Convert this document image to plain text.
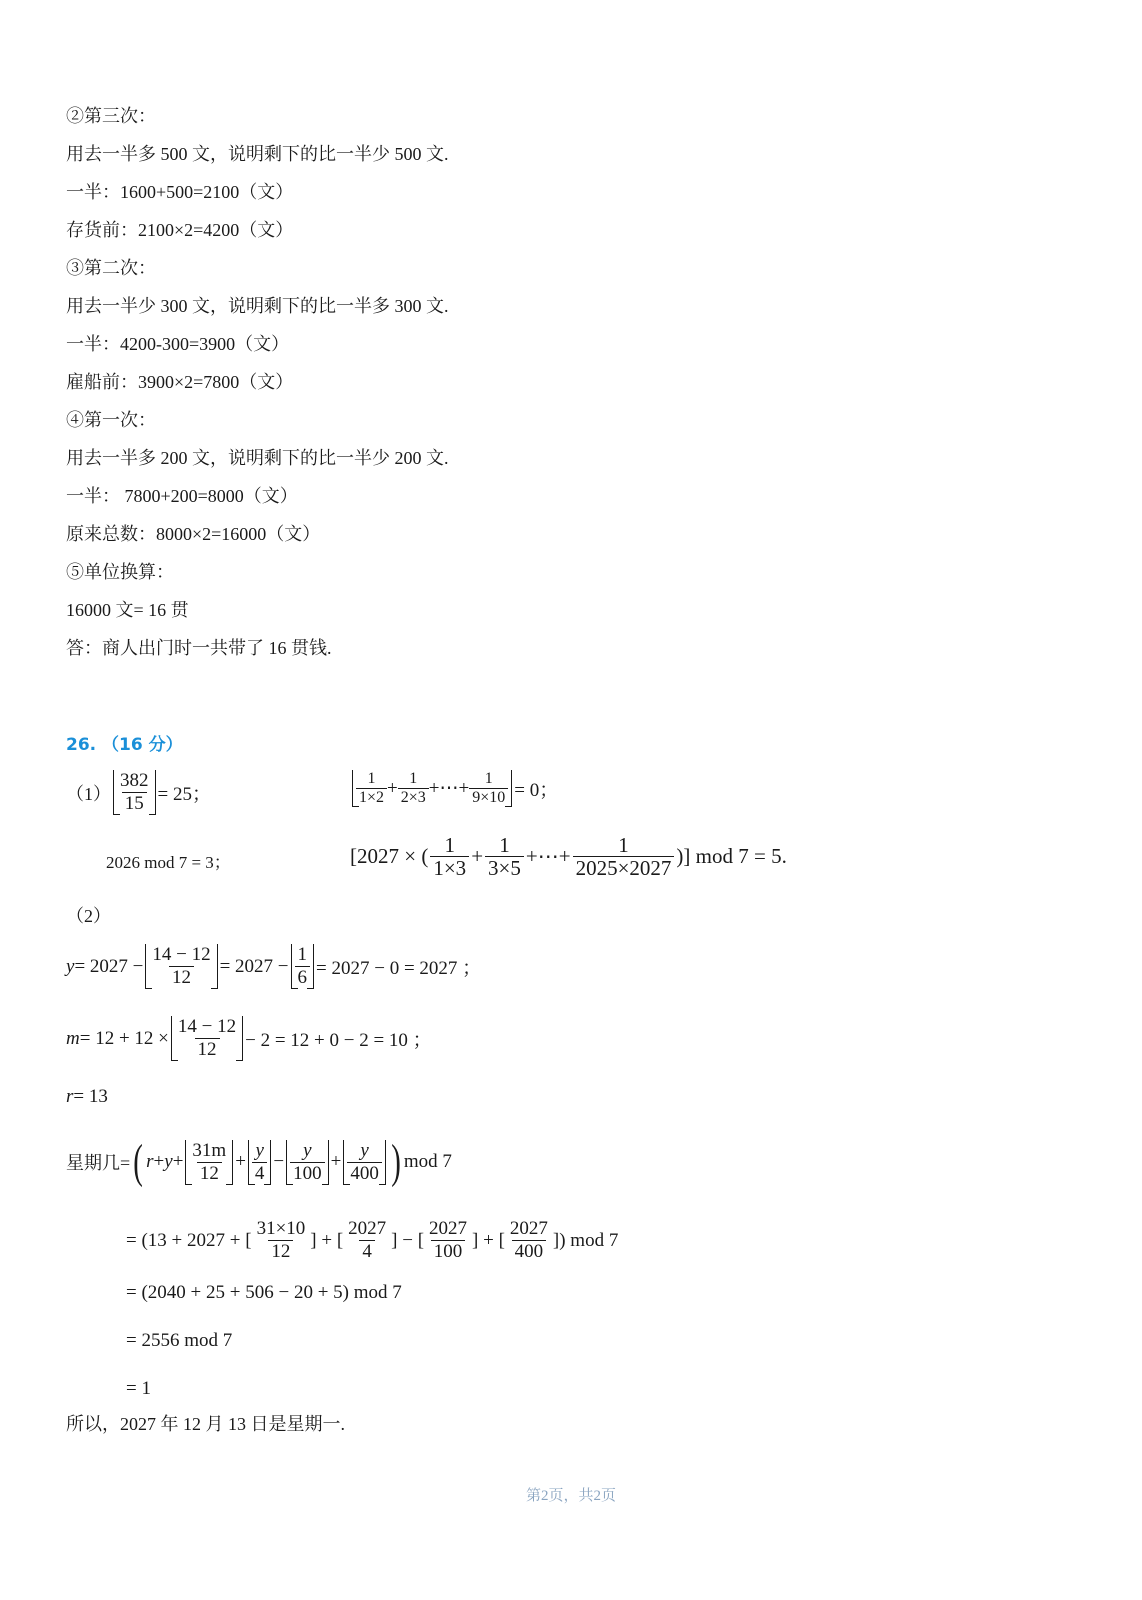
②第三次：
用去一半多 500 文，说明剩下的比一半少 500 文.
一半：1600+500=2100（文）
存货前：2100×2=4200（文）
③第二次：
用去一半少 300 文，说明剩下的比一半多 300 文.
一半：4200-300=3900（文）
雇船前：3900×2=7800（文）
④第一次：
用去一半多 200 文，说明剩下的比一半少 200 文.
一半： 7800+200=8000（文）
原来总数：8000×2=16000（文）
⑤单位换算：
16000 文= 16 贯
答：商人出门时一共带了 16 贯钱.
26. （16 分）
$(1) \frac{382}{15} = 25$；	$\frac{1}{1\times 2} + \frac{1}{2\times 3}$ +⋯+ $\frac{1}{9\times 10} = 0$；
2026 mod 7 = 3；	[2027 × ( $\frac{1}{1\times 3} + \frac{1}{3\times 5}$ +⋯+ $\frac{1}{2025\times 2027}$ )] mod 7 = 5.
（2）
$y = 2027 - \frac{14 - 12}{12} = 2027 - \frac{1}{6} = 2027 - 0 = 2027$ ；
$m = 12 + 12 \times \frac{14 - 12}{12} - 2 = 12 + 0 - 2 = 10$ ；
r = 13
星期几= ( $r + y + \frac{31m}{12} + \frac{y}{4} - \frac{y}{100} + \frac{y}{400}$ ) mod 7
= (13 + 2027 + [ $\frac{31\times 10}{12}$ ] + [ $\frac{2027}{4}$ ] − [ $\frac{2027}{100}$ ] + [ $\frac{2027}{400}$ ]) mod 7
= (2040 + 25 + 506 − 20 + 5) mod 7
= 2556 mod 7
= 1
所以，2027 年 12 月 13 日是星期一.
第2页，共2页
